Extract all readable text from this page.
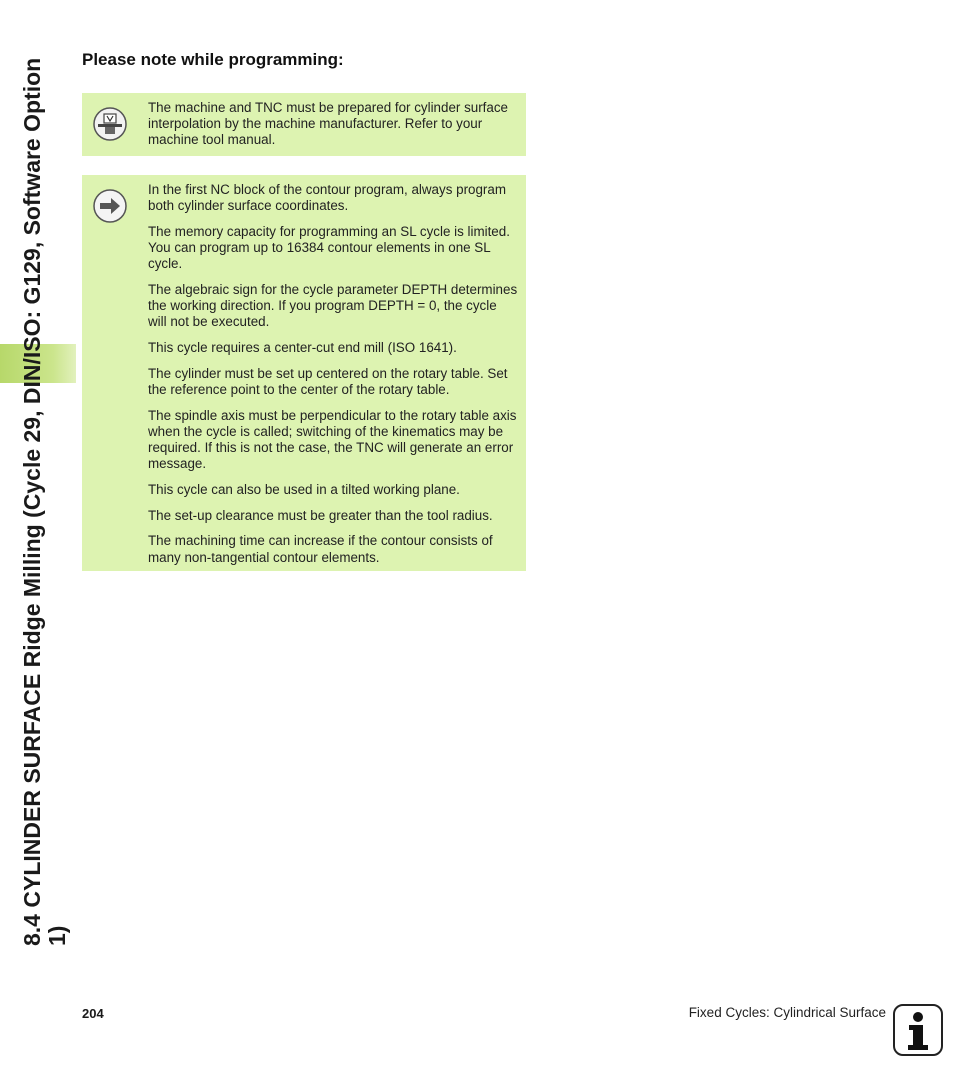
8.4 CYLINDER SURFACE Ridge Milling (Cycle 29, DIN/ISO: G129, Software Option 1)
Please note while programming:

The machine and TNC must be prepared for cylinder surface interpolation by the machine manufacturer. Refer to your machine tool manual.

In the first NC block of the contour program, always program both cylinder surface coordinates.

The memory capacity for programming an SL cycle is limited. You can program up to 16384 contour elements in one SL cycle.

The algebraic sign for the cycle parameter DEPTH determines the working direction. If you program DEPTH = 0, the cycle will not be executed.

This cycle requires a center-cut end mill (ISO 1641).

The cylinder must be set up centered on the rotary table. Set the reference point to the center of the rotary table.

The spindle axis must be perpendicular to the rotary table axis when the cycle is called; switching of the kinematics may be required. If this is not the case, the TNC will generate an error message.

This cycle can also be used in a tilted working plane.

The set-up clearance must be greater than the tool radius.

The machining time can increase if the contour consists of many non-tangential contour elements.

204	Fixed Cycles: Cylindrical Surface
